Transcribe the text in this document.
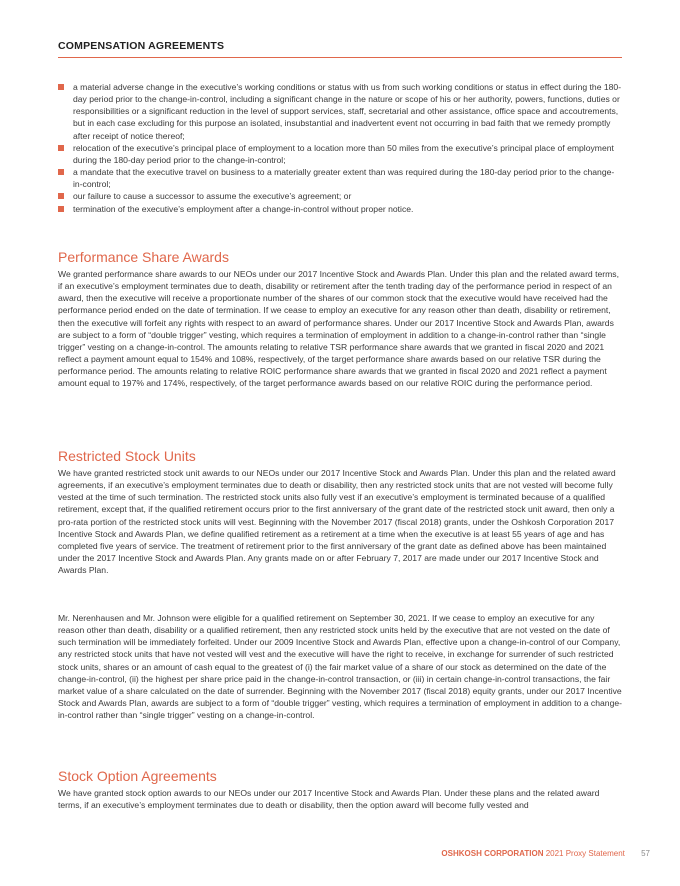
COMPENSATION AGREEMENTS
a material adverse change in the executive’s working conditions or status with us from such working conditions or status in effect during the 180-day period prior to the change-in-control, including a significant change in the nature or scope of his or her authority, powers, functions, duties or responsibilities or a significant reduction in the level of support services, staff, secretarial and other assistance, office space and accoutrements, but in each case excluding for this purpose an isolated, insubstantial and inadvertent event not occurring in bad faith that we remedy promptly after receipt of notice thereof;
relocation of the executive’s principal place of employment to a location more than 50 miles from the executive’s principal place of employment during the 180-day period prior to the change-in-control;
a mandate that the executive travel on business to a materially greater extent than was required during the 180-day period prior to the change-in-control;
our failure to cause a successor to assume the executive’s agreement; or
termination of the executive’s employment after a change-in-control without proper notice.
Performance Share Awards

We granted performance share awards to our NEOs under our 2017 Incentive Stock and Awards Plan. Under this plan and the related award terms, if an executive’s employment terminates due to death, disability or retirement after the tenth trading day of the performance period in respect of an award, then the executive will receive a proportionate number of the shares of our common stock that the executive would have received had the performance period ended on the date of termination. If we cease to employ an executive for any reason other than death, disability or retirement, then the executive will forfeit any rights with respect to an award of performance shares. Under our 2017 Incentive Stock and Awards Plan, awards are subject to a form of “double trigger” vesting, which requires a termination of employment in addition to a change-in-control rather than “single trigger” vesting on a change-in-control. The amounts relating to relative TSR performance share awards that we granted in fiscal 2020 and 2021 reflect a payment amount equal to 154% and 108%, respectively, of the target performance share awards based on our relative TSR during the performance period. The amounts relating to relative ROIC performance share awards that we granted in fiscal 2020 and 2021 reflect a payment amount equal to 197% and 174%, respectively, of the target performance awards based on our relative ROIC during the performance period.

Restricted Stock Units

We have granted restricted stock unit awards to our NEOs under our 2017 Incentive Stock and Awards Plan. Under this plan and the related award agreements, if an executive’s employment terminates due to death or disability, then any restricted stock units that are not vested will become fully vested at the time of such termination. The restricted stock units also fully vest if an executive’s employment is terminated because of a qualified retirement, except that, if the qualified retirement occurs prior to the first anniversary of the grant date of the restricted stock unit award, then only a pro-rata portion of the restricted stock units will vest. Beginning with the November 2017 (fiscal 2018) grants, under the Oshkosh Corporation 2017 Incentive Stock and Awards Plan, we define qualified retirement as a retirement at a time when the executive is at least 55 years of age and has completed five years of service. The treatment of retirement prior to the first anniversary of the grant date as defined above has been maintained under the 2017 Incentive Stock and Awards Plan. Any grants made on or after February 7, 2017 are made under our 2017 Incentive Stock and Awards Plan.

Mr. Nerenhausen and Mr. Johnson were eligible for a qualified retirement on September 30, 2021. If we cease to employ an executive for any reason other than death, disability or a qualified retirement, then any restricted stock units held by the executive that are not vested on the date of such termination will be immediately forfeited. Under our 2009 Incentive Stock and Awards Plan, effective upon a change-in-control of our Company, any restricted stock units that have not vested will vest and the executive will have the right to receive, in exchange for surrender of such restricted stock units, shares or an amount of cash equal to the greatest of (i) the fair market value of a share of our stock as determined on the date of the change-in-control, (ii) the highest per share price paid in the change-in-control transaction, or (iii) in certain change-in-control transactions, the fair market value of a share calculated on the date of surrender. Beginning with the November 2017 (fiscal 2018) equity grants, under our 2017 Incentive Stock and Awards Plan, awards are subject to a form of “double trigger” vesting, which requires a termination of employment in addition to a change-in-control rather than “single trigger” vesting on a change-in-control.

Stock Option Agreements

We have granted stock option awards to our NEOs under our 2017 Incentive Stock and Awards Plan. Under these plans and the related award terms, if an executive’s employment terminates due to death or disability, then the option award will become fully vested and

OSHKOSH CORPORATION 2021 Proxy Statement 57
